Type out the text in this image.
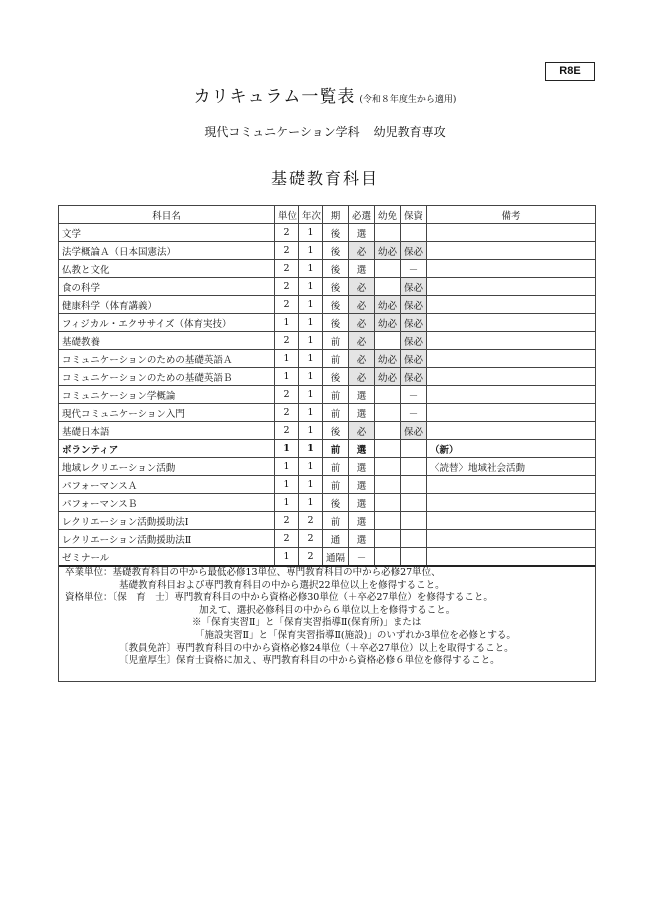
R8E
カリキュラム一覧表 (令和８年度生から適用)
現代コミュニケーション学科 幼児教育専攻
基礎教育科目
科目名	単位	年次	期	必選	幼免	保資	備考
文学	2	1	後	選			
法学概論Ａ（日本国憲法）	2	1	後	必	幼必	保必	
仏教と文化	2	1	後	選		－	
食の科学	2	1	後	必		保必	
健康科学（体育講義）	2	1	後	必	幼必	保必	
フィジカル・エクササイズ（体育実技）	1	1	後	必	幼必	保必	
基礎教養	2	1	前	必		保必	
コミュニケーションのための基礎英語Ａ	1	1	前	必	幼必	保必	
コミュニケーションのための基礎英語Ｂ	1	1	後	必	幼必	保必	
コミュニケーション学概論	2	1	前	選		－	
現代コミュニケーション入門	2	1	前	選		－	
基礎日本語	2	1	後	必		保必	
ボランティア	1	1	前	選			（新）
地域レクリエーション活動	1	1	前	選			〈読替〉地域社会活動
パフォーマンスＡ	1	1	前	選			
パフォーマンスＢ	1	1	後	選			
レクリエーション活動援助法Ⅰ	2	2	前	選			
レクリエーション活動援助法Ⅱ	2	2	通	選			
ゼミナール	1	2	通隔	－			
卒業単位：基礎教育科目の中から最低必修13単位、専門教育科目の中から必修27単位、
基礎教育科目および専門教育科目の中から選択22単位以上を修得すること。
資格単位：〔保　育　士〕専門教育科目の中から資格必修30単位（＋卒必27単位）を修得すること。
加えて、選択必修科目の中から６単位以上を修得すること。
※「保育実習Ⅱ」と「保育実習指導Ⅱ(保育所)」または
「施設実習Ⅱ」と「保育実習指導Ⅱ(施設)」のいずれか3単位を必修とする。
〔教員免許〕専門教育科目の中から資格必修24単位（＋卒必27単位）以上を取得すること。
〔児童厚生〕保育士資格に加え、専門教育科目の中から資格必修６単位を修得すること。
